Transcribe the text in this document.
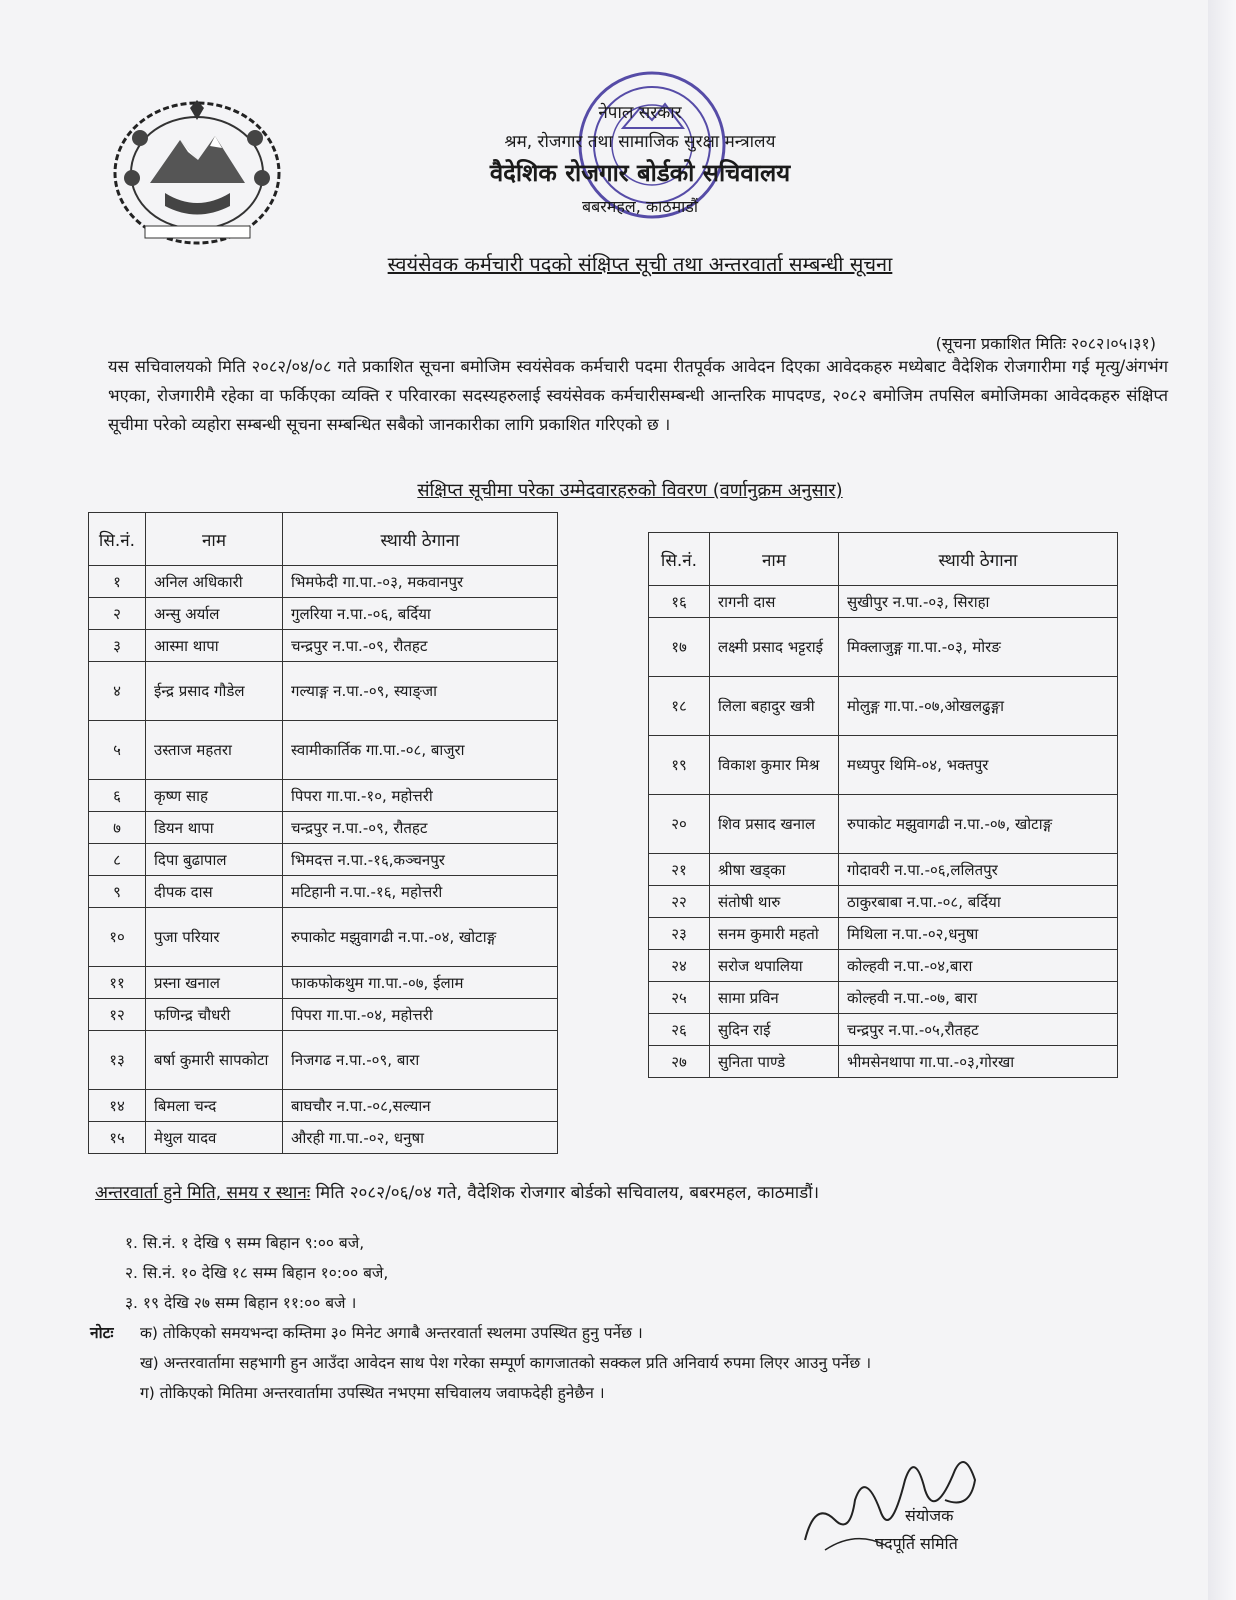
नेपाल सरकार
श्रम, रोजगार तथा सामाजिक सुरक्षा मन्त्रालय
वैदेशिक रोजगार बोर्डको सचिवालय
बबरमहल, काठमाडौं
स्वयंसेवक कर्मचारी पदको संक्षिप्त सूची तथा अन्तरवार्ता सम्बन्धी सूचना
(सूचना प्रकाशित मितिः २०८२।०५।३१)
यस सचिवालयको मिति २०८२/०४/०८ गते प्रकाशित सूचना बमोजिम स्वयंसेवक कर्मचारी पदमा रीतपूर्वक आवेदन दिएका आवेदकहरु मध्येबाट वैदेशिक रोजगारीमा गई मृत्यु/अंगभंग भएका, रोजगारीमै रहेका वा फर्किएका व्यक्ति र परिवारका सदस्यहरुलाई स्वयंसेवक कर्मचारीसम्बन्धी आन्तरिक मापदण्ड, २०८२ बमोजिम तपसिल बमोजिमका आवेदकहरु संक्षिप्त सूचीमा परेको व्यहोरा सम्बन्धी सूचना सम्बन्धित सबैको जानकारीका लागि प्रकाशित गरिएको छ ।
संक्षिप्त सूचीमा परेका उम्मेदवारहरुको विवरण (वर्णानुक्रम अनुसार)
सि.नं.	नाम	स्थायी ठेगाना
१	अनिल अधिकारी	भिमफेदी गा.पा.-०३, मकवानपुर
२	अन्सु अर्याल	गुलरिया न.पा.-०६, बर्दिया
३	आस्मा थापा	चन्द्रपुर न.पा.-०९, रौतहट
४	ईन्द्र प्रसाद गौडेल	गल्याङ्ग न.पा.-०९, स्याङ्जा
५	उस्ताज महतरा	स्वामीकार्तिक गा.पा.-०८, बाजुरा
६	कृष्ण साह	पिपरा गा.पा.-१०, महोत्तरी
७	डियन थापा	चन्द्रपुर न.पा.-०९, रौतहट
८	दिपा बुढापाल	भिमदत्त न.पा.-१६,कञ्चनपुर
९	दीपक दास	मटिहानी न.पा.-१६, महोत्तरी
१०	पुजा परियार	रुपाकोट मझुवागढी न.पा.-०४, खोटाङ्ग
११	प्रस्ना खनाल	फाकफोकथुम गा.पा.-०७, ईलाम
१२	फणिन्द्र चौधरी	पिपरा गा.पा.-०४, महोत्तरी
१३	बर्षा कुमारी सापकोटा	निजगढ न.पा.-०९, बारा
१४	बिमला चन्द	बाघचौर न.पा.-०८,सल्यान
१५	मेथुल यादव	औरही गा.पा.-०२, धनुषा
सि.नं.	नाम	स्थायी ठेगाना
१६	रागनी दास	सुखीपुर न.पा.-०३, सिराहा
१७	लक्ष्मी प्रसाद भट्टराई	मिक्लाजुङ्ग गा.पा.-०३, मोरङ
१८	लिला बहादुर खत्री	मोलुङ्ग गा.पा.-०७,ओखलढुङ्गा
१९	विकाश कुमार मिश्र	मध्यपुर थिमि-०४, भक्तपुर
२०	शिव प्रसाद खनाल	रुपाकोट मझुवागढी न.पा.-०७, खोटाङ्ग
२१	श्रीषा खड्का	गोदावरी न.पा.-०६,ललितपुर
२२	संतोषी थारु	ठाकुरबाबा न.पा.-०८, बर्दिया
२३	सनम कुमारी महतो	मिथिला न.पा.-०२,धनुषा
२४	सरोज थपालिया	कोल्हवी न.पा.-०४,बारा
२५	सामा प्रविन	कोल्हवी न.पा.-०७, बारा
२६	सुदिन राई	चन्द्रपुर न.पा.-०५,रौतहट
२७	सुनिता पाण्डे	भीमसेनथापा गा.पा.-०३,गोरखा
अन्तरवार्ता हुने मिति, समय र स्थानः मिति २०८२/०६/०४ गते, वैदेशिक रोजगार बोर्डको सचिवालय, बबरमहल, काठमाडौं।
१. सि.नं. १ देखि ९ सम्म बिहान ९:०० बजे,
२. सि.नं. १० देखि १८ सम्म बिहान १०:०० बजे,
३. १९ देखि २७ सम्म बिहान ११:०० बजे ।
नोटः क) तोकिएको समयभन्दा कम्तिमा ३० मिनेट अगाबै अन्तरवार्ता स्थलमा उपस्थित हुनु पर्नेछ ।
ख) अन्तरवार्तामा सहभागी हुन आउँदा आवेदन साथ पेश गरेका सम्पूर्ण कागजातको सक्कल प्रति अनिवार्य रुपमा लिएर आउनु पर्नेछ ।
ग) तोकिएको मितिमा अन्तरवार्तामा उपस्थित नभएमा सचिवालय जवाफदेही हुनेछैन ।
संयोजक
पदपूर्ति समिति
